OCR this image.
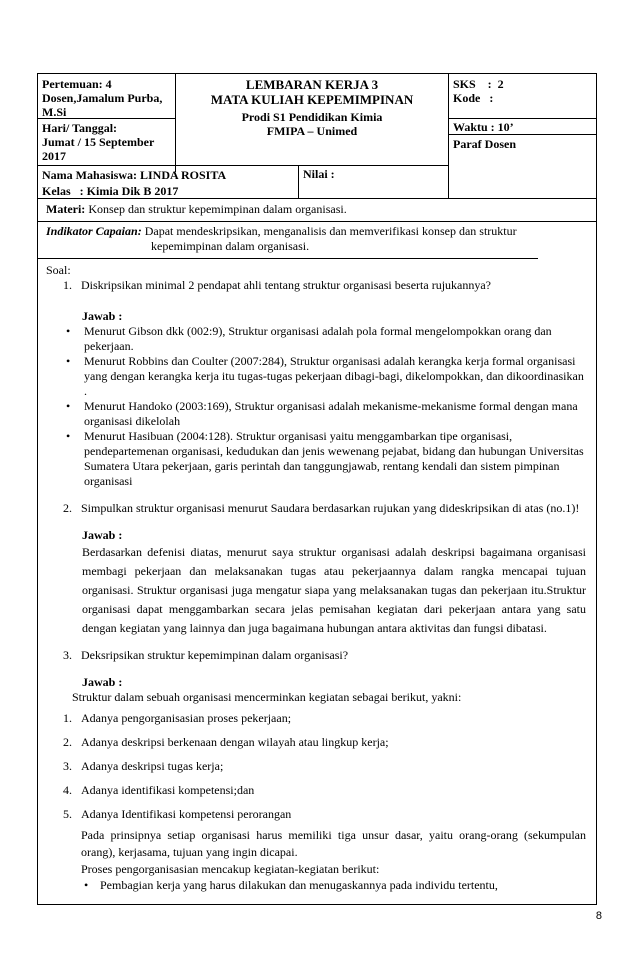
Pertemuan: 4
Dosen,Jamalum Purba, M.Si
LEMBARAN KERJA 3
MATA KULIAH KEPEMIMPINAN
Prodi S1 Pendidikan Kimia
FMIPA – Unimed
SKS    :  2
Kode   :
Hari/ Tanggal:
Jumat / 15 September 2017
Waktu : 10’
Paraf Dosen
Nama Mahasiswa: LINDA ROSITA
Kelas   : Kimia Dik B 2017
Nilai :
Materi: Konsep dan struktur kepemimpinan dalam organisasi.
Indikator Capaian: Dapat mendeskripsikan, menganalisis dan memverifikasi konsep dan struktur
kepemimpinan dalam organisasi.
Soal:
1. Diskripsikan minimal 2 pendapat ahli tentang struktur organisasi beserta rujukannya?
Jawab :
• Menurut Gibson dkk (002:9), Struktur organisasi adalah pola formal mengelompokkan orang dan pekerjaan.
• Menurut Robbins dan Coulter (2007:284), Struktur organisasi adalah kerangka kerja formal organisasi yang dengan kerangka kerja itu tugas-tugas pekerjaan dibagi-bagi, dikelompokkan, dan dikoordinasikan .
• Menurut Handoko (2003:169), Struktur organisasi adalah mekanisme-mekanisme formal dengan mana organisasi dikelolah
• Menurut Hasibuan (2004:128). Struktur organisasi yaitu menggambarkan tipe organisasi, pendepartemenan organisasi, kedudukan dan jenis wewenang pejabat, bidang dan hubungan Universitas Sumatera Utara pekerjaan, garis perintah dan tanggungjawab, rentang kendali dan sistem pimpinan organisasi
2. Simpulkan struktur organisasi menurut Saudara berdasarkan rujukan yang dideskripsikan di atas (no.1)!
Jawab :
Berdasarkan defenisi diatas, menurut saya struktur organisasi adalah deskripsi bagaimana organisasi membagi pekerjaan dan melaksanakan tugas atau pekerjaannya dalam rangka mencapai tujuan organisasi. Struktur organisasi juga mengatur siapa yang melaksanakan tugas dan pekerjaan itu.Struktur organisasi dapat menggambarkan secara jelas pemisahan kegiatan dari pekerjaan antara yang satu dengan kegiatan yang lainnya dan juga bagaimana hubungan antara aktivitas dan fungsi dibatasi.
3. Deksripsikan struktur kepemimpinan dalam organisasi?
Jawab :
Struktur dalam sebuah organisasi mencerminkan kegiatan sebagai berikut, yakni:
1. Adanya pengorganisasian proses pekerjaan;
2. Adanya deskripsi berkenaan dengan wilayah atau lingkup kerja;
3. Adanya deskripsi tugas kerja;
4. Adanya identifikasi kompetensi;dan
5. Adanya Identifikasi kompetensi perorangan
Pada prinsipnya setiap organisasi harus memiliki tiga unsur dasar, yaitu orang-orang (sekumpulan orang), kerjasama, tujuan yang ingin dicapai.
Proses pengorganisasian mencakup kegiatan-kegiatan berikut:
• Pembagian kerja yang harus dilakukan dan menugaskannya pada individu tertentu,
8
